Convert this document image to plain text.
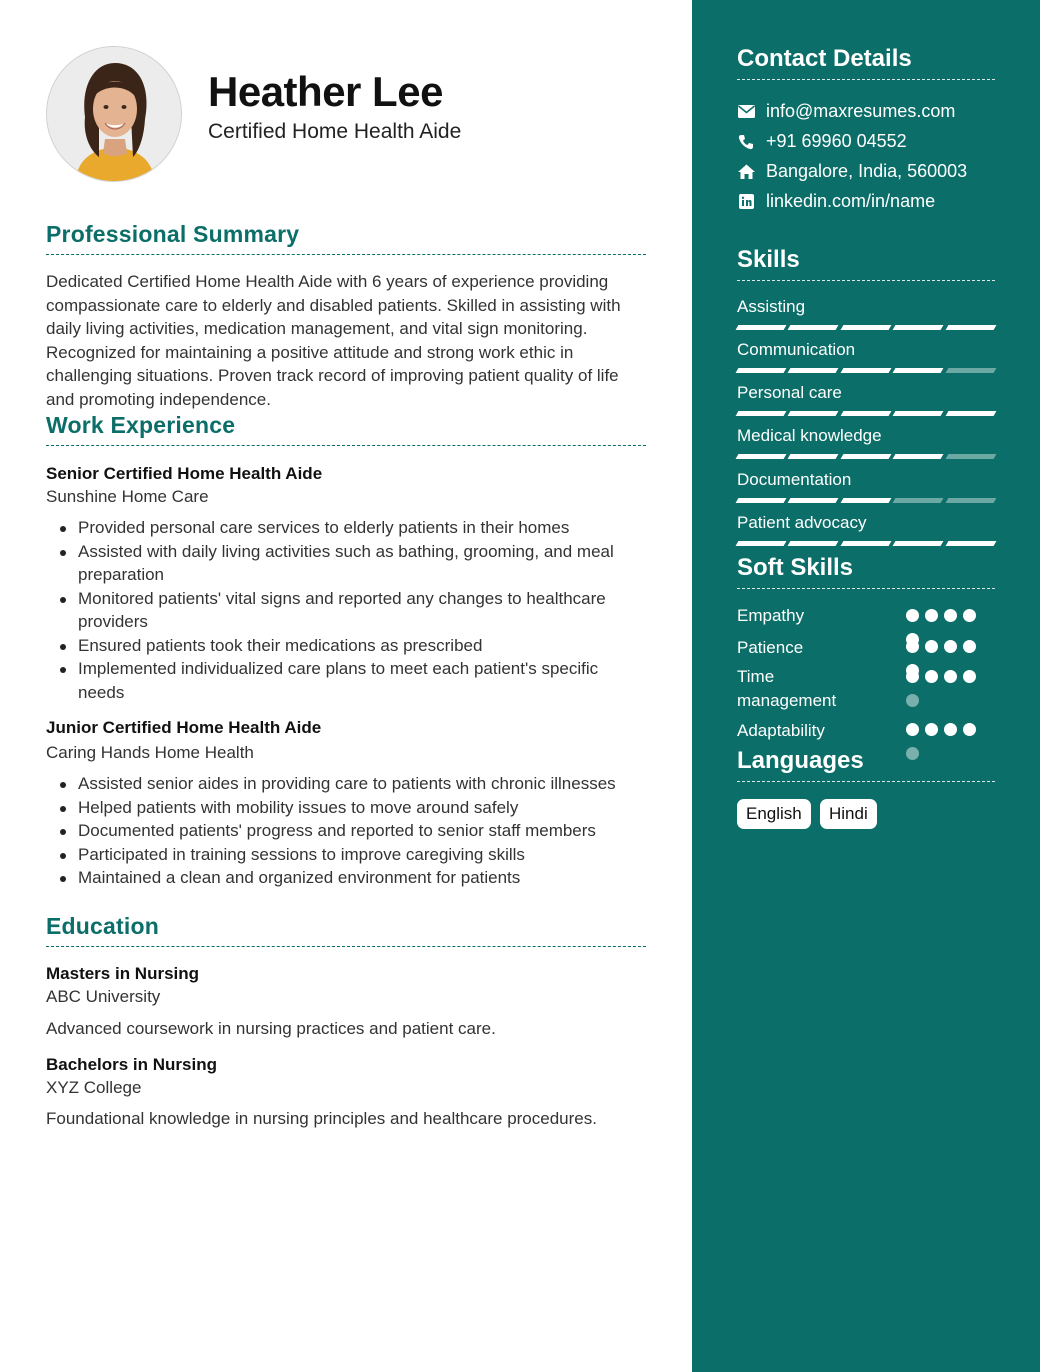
Heather Lee
Certified Home Health Aide
Professional Summary
Dedicated Certified Home Health Aide with 6 years of experience providing compassionate care to elderly and disabled patients. Skilled in assisting with daily living activities, medication management, and vital sign monitoring. Recognized for maintaining a positive attitude and strong work ethic in challenging situations. Proven track record of improving patient quality of life and promoting independence.
Work Experience
Senior Certified Home Health Aide
Sunshine Home Care
Provided personal care services to elderly patients in their homes
Assisted with daily living activities such as bathing, grooming, and meal preparation
Monitored patients' vital signs and reported any changes to healthcare providers
Ensured patients took their medications as prescribed
Implemented individualized care plans to meet each patient's specific needs
Junior Certified Home Health Aide
Caring Hands Home Health
Assisted senior aides in providing care to patients with chronic illnesses
Helped patients with mobility issues to move around safely
Documented patients' progress and reported to senior staff members
Participated in training sessions to improve caregiving skills
Maintained a clean and organized environment for patients
Education
Masters in Nursing
ABC University
Advanced coursework in nursing practices and patient care.
Bachelors in Nursing
XYZ College
Foundational knowledge in nursing principles and healthcare procedures.
Contact Details
info@maxresumes.com
+91 69960 04552
Bangalore, India, 560003
linkedin.com/in/name
Skills
Assisting
Communication
Personal care
Medical knowledge
Documentation
Patient advocacy
Soft Skills
Empathy
Patience
Time management
Adaptability
Languages
English	Hindi
